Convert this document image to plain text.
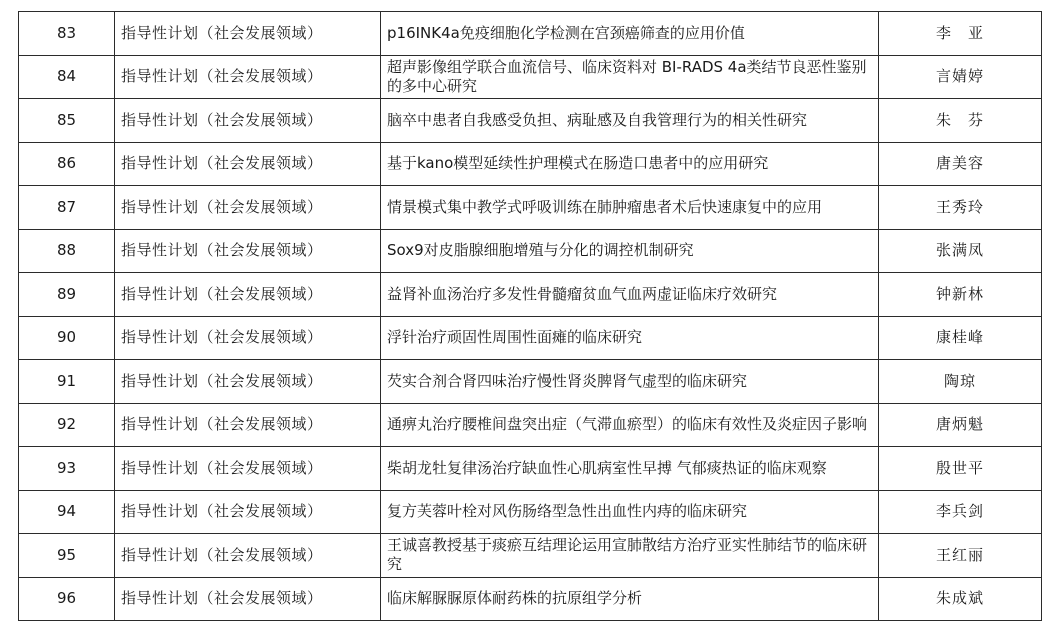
83	指导性计划（社会发展领域）	p16INK4a免疫细胞化学检测在宫颈癌筛查的应用价值	李　亚
84	指导性计划（社会发展领域）	超声影像组学联合血流信号、临床资料对 BI-RADS 4a类结节良恶性鉴别的多中心研究	言婧婷
85	指导性计划（社会发展领域）	脑卒中患者自我感受负担、病耻感及自我管理行为的相关性研究	朱　芬
86	指导性计划（社会发展领域）	基于kano模型延续性护理模式在肠造口患者中的应用研究	唐美容
87	指导性计划（社会发展领域）	情景模式集中教学式呼吸训练在肺肿瘤患者术后快速康复中的应用	王秀玲
88	指导性计划（社会发展领域）	Sox9对皮脂腺细胞增殖与分化的调控机制研究	张满凤
89	指导性计划（社会发展领域）	益肾补血汤治疗多发性骨髓瘤贫血气血两虚证临床疗效研究	钟新林
90	指导性计划（社会发展领域）	浮针治疗顽固性周围性面瘫的临床研究	康桂峰
91	指导性计划（社会发展领域）	芡实合剂合肾四味治疗慢性肾炎脾肾气虚型的临床研究	陶琼
92	指导性计划（社会发展领域）	通痹丸治疗腰椎间盘突出症（气滞血瘀型）的临床有效性及炎症因子影响	唐炳魁
93	指导性计划（社会发展领域）	柴胡龙牡复律汤治疗缺血性心肌病室性早搏 气郁痰热证的临床观察	殷世平
94	指导性计划（社会发展领域）	复方芙蓉叶栓对风伤肠络型急性出血性内痔的临床研究	李兵剑
95	指导性计划（社会发展领域）	王诚喜教授基于痰瘀互结理论运用宣肺散结方治疗亚实性肺结节的临床研究	王红丽
96	指导性计划（社会发展领域）	临床解脲脲原体耐药株的抗原组学分析	朱成斌
